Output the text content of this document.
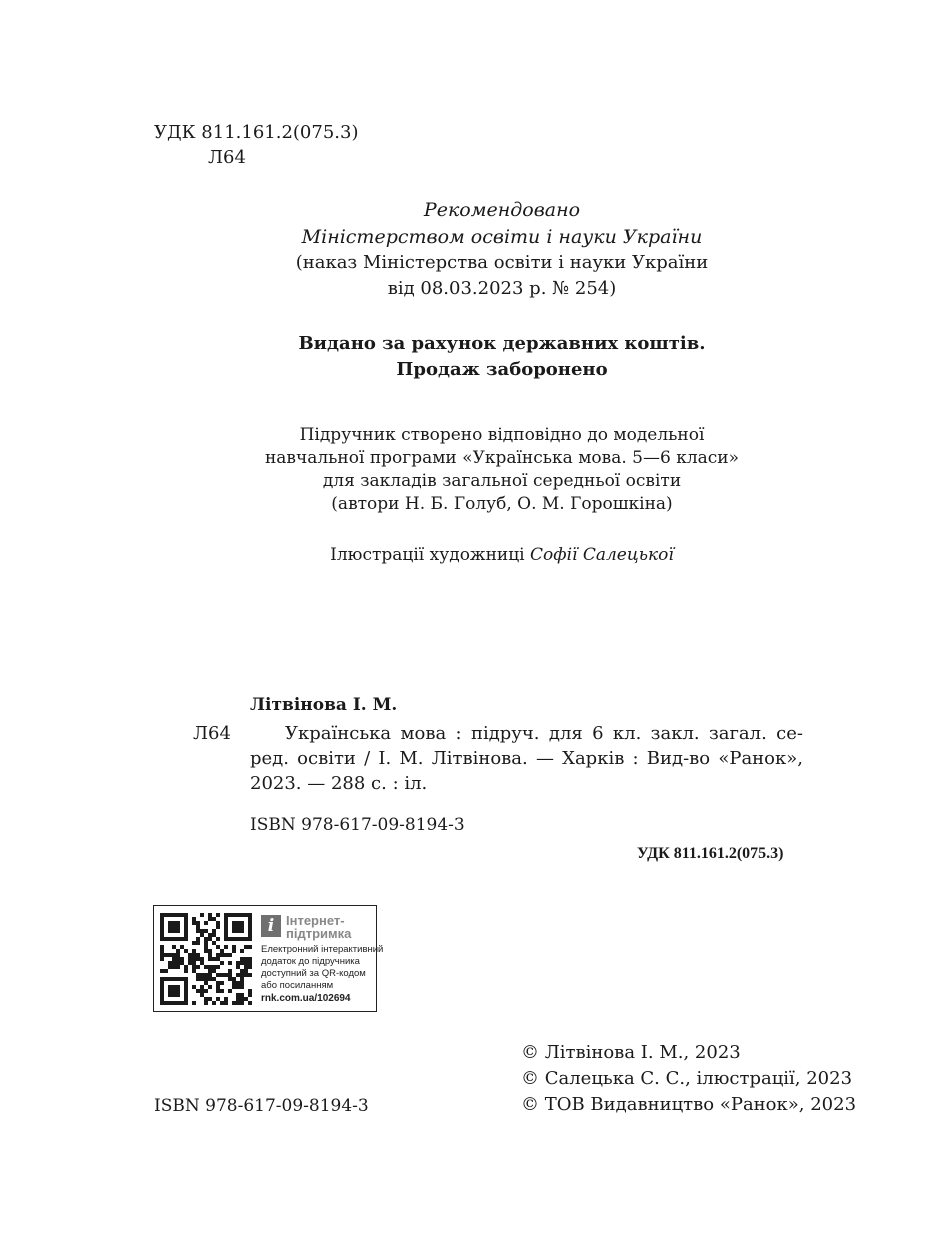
УДК 811.161.2(075.3)
Л64
Рекомендовано
Міністерством освіти і науки України
(наказ Міністерства освіти і науки України
від 08.03.2023 р. № 254)
Видано за рахунок державних коштів.
Продаж заборонено
Підручник створено відповідно до модельної
навчальної програми «Українська мова. 5—6 класи»
для закладів загальної середньої освіти
(автори Н. Б. Голуб, О. М. Горошкіна)
Ілюстрації художниці Софії Салецької
Літвінова І. М.
Л64	Українська мова : підруч. для 6 кл. закл. загал. се-
ред. освіти / І. М. Літвінова. — Харків : Вид-во «Ранок»,
2023. — 288 с. : іл.
ISBN 978-617-09-8194-3
УДК 811.161.2(075.3)
i Інтернет-
підтримка
Електронний інтерактивний
додаток до підручника
доступний за QR-кодом
або посиланням
rnk.com.ua/102694
© Літвінова І. М., 2023
© Салецька С. С., ілюстрації, 2023
© ТОВ Видавництво «Ранок», 2023
ISBN 978-617-09-8194-3
